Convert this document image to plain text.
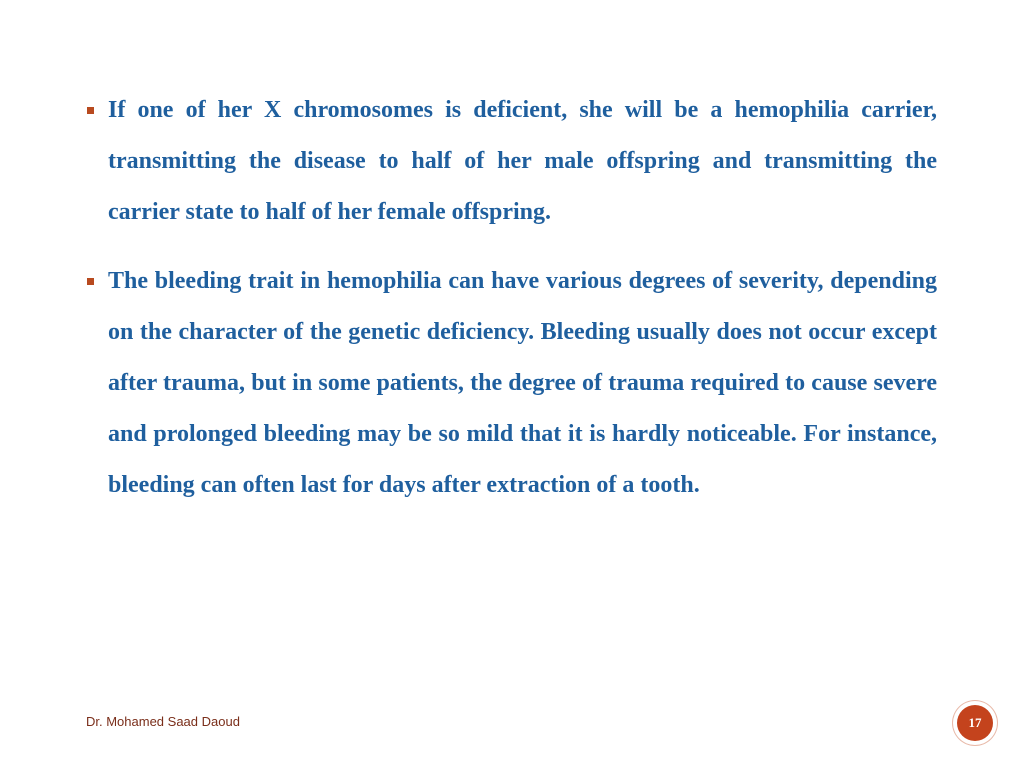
If one of her X chromosomes is deficient, she will be a hemophilia carrier, transmitting the disease to half of her male offspring and transmitting the carrier state to half of her female offspring.
The bleeding trait in hemophilia can have various degrees of severity, depending on the character of the genetic deficiency. Bleeding usually does not occur except after trauma, but in some patients, the degree of trauma required to cause severe and prolonged bleeding may be so mild that it is hardly noticeable. For instance, bleeding can often last for days after extraction of a tooth.
Dr. Mohamed Saad Daoud	17
